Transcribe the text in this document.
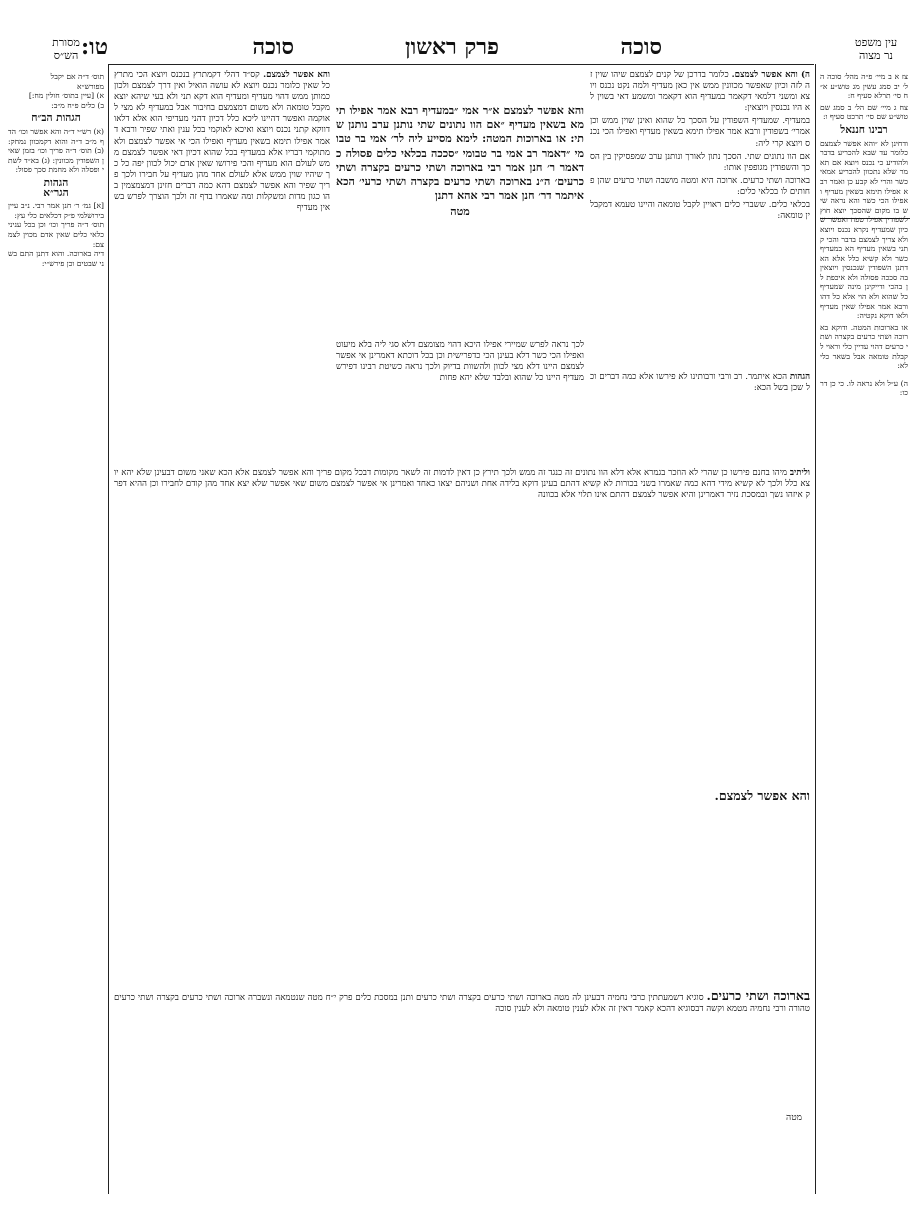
טו:	סוכה	פרק ראשון	סוכה	עין משפט
נר מצוה
מסורת
הש״ס

צז א ב מיי׳ פ״ה מהל׳ סוכה הל׳ יב סמג עשין מג טוש״ע א״ח סי׳ תרלא סעיף ח:

צח ג מיי׳ שם הל׳ ב סמג שם טוש״ע שם סי׳ תרכט סעיף ו:

רבינו חננאל

ודחינן לא ״והא אפשר לצמצם כלומר עד שבא להכריע בדבר ולהודיע כי נכנס ויוצא אם תאמר שלא נתכוון להכריע אמאי כשר והרי לא קבע כן ואמר רבא אפילו תימא בשאין מעדיף ואפילו הכי כשר והא נראה שיש בו מקום שהסכך יוצא חוץ לשפודין אפילו טפח ואפשר שכיון שמעדיף נקרא נכנס ויוצא ולא צריך לצמצם בדבר והכי קתני בשאין מעדיף הא במעדיף כשר ולא קשיא כלל אלא הא דתנן השפודין שנכנסין ויוצאין בה סככה פסולה ולא איכפת לן בהכי ודייקינן מינה שמעדיף כל שהוא ולא הוי אלא כל דהו ורבא אמר אפילו שאין מעדיף ולאו דוקא נקטיה:

או בארוכות המטה. ודוקא בארוכה ושתי כרעים בקצרה ושתי כרעים דהוי עדיין כלי וראוי לקבלת טומאה אבל בשאר כלי לא:

ה) ע״ל ולא נראה לו. כי כן דרכו:

תוס׳ ד״ה אם יקבל
מפורש״א
א) [עיין בתוס׳ חולין מח:]
ב) כלים פ״ח מ״ב:

הגהות הב״ח

(א) רש״י ד״ה והא אפשר וכו׳ הדף מ״ב ד״ה והוא דקמכוון נמחק: (ב) תוס׳ ד״ה פריך וכו׳ בזמן שאין השפודין מכוונין: (ג) בא״ד לשתי ופסלה ולא מחמת סכך פסול:

הגהות
הגר״א

[א] גמ׳ ר׳ חנן אמר רבי. נ״ב עיין בירושלמי פ״ק דכלאים כלי עץ:
תוס׳ ד״ה פריך וכו׳ וכן בכל עניני כלאי כלים שאין אדם מכוין לצמצם:
דיה בארוכה. והוא דתנן התם בשני שבטים וכן פירש״י:

ה) והא אפשר לצמצם. כלומר בדרכן של קנים לצמצם שיהו שוין זה לזה וכיון שאפשר מכוונין ממש אין כאן מעדיף ולמה נקט נכנס ויוצא ומשני דלמאי דקאמר במעדיף הוא דקאמר ומשמע דאי בשוין לא היו נכנסין ויוצאין:

במעדיף. שמעדיף השפודין על הסכך כל שהוא ואינן שוין ממש וכן אמרי׳ בשפודין ורבא אמר אפילו תימא בשאין מעדיף ואפילו הכי נכנס ויוצא קרי ליה:

אם הוו נתונים שתי. הסכך נתון לאורך ונותנן ערב שמפסיקין בין הסכך והשפודין מגופפין אותו:

בארוכה ושתי כרעים. ארוכה היא ומטה מושבה ושתי כרעים שהן פחותים לו בכלאי כלים:

בכלאי כלים. ששברי כלים ראויין לקבל טומאה והיינו טעמא דמקבלין טומאה:

והא אפשר לצמצם. קס״ד דהלי דקמתרץ בנכנס ויוצא הכי מתרץ כל שאין כלומר נכנס ויוצא לא עושה הואיל ואין דרך לצמצם ולכון כמותן ממש דהוי מעדיף ומעדיף הוא דקא תני ולא בעי שיהא יוצא מקבל טומאה ולא משום דמצמצם בחיבור אבל במעדיף לא מצי לאוקמה ואפשר דהיינו ליכא כלל דכיון דהני מעדיפי הוא אלא דלאו דווקא קתני נכנס ויוצא ואיכא לאוקמי בכל ענין ואתי שפיר ורבא דאמר אפילו תימא בשאין מעדיף ואפילו הכי אי אפשר לצמצם ולא מתוקמי דבריו אלא במעדיף בכל שהוא דכיון דאי אפשר לצמצם ממש לעולם הוא מעדיף והכי פירושו שאין אדם יכול לכוון יפה כל כך שיהיו שוין ממש אלא לעולם אחד מהן מעדיף על חבירו ולכך פריך שפיר והא אפשר לצמצם דהא כמה דברים חזינן דמצמצמין בהו כגון מדות ומשקלות ומה שאמרו בדף זה ולכך הוצרך לפרש בשאין מעדיף

והא אפשר לצמצם א״ר אמי ״במעדיף רבא אמר אפילו תימא בשאין מעדיף ״אם הוו נתונים שתי נותנן ערב נותנן שתי: או בארוכות המטה: לימא מסייע ליה לר׳ אמי בר טבומי ״דאמר רב אמי בר טבומי ״סככה בכלאי כלים פסולה כדאמר ר׳ חנן אמר רבי בארוכה ושתי כרעים בקצרה ושתי כרעים׳ ה״נ בארוכה ושתי כרעים בקצרה ושתי כרעי׳ הכא איתמר דר׳ חנן אמר רבי אהא דתנן

מטה

הגהות הכא איתמר. רב ורבי ורבותינו לא פירשו אלא כמה דברים וכל שכן בשל הכא:

לכך נראה לפרש שמיירי אפילו היכא דהוי מצומצם דלא סגי ליה בלא מיעוט ואפילו הכי כשר דלא בעינן הכי כדפרישית וכן בכל דוכתא דאמרינן אי אפשר לצמצם היינו דלא מצי לכוון ולהשוות בדיוק ולכך נראה כשיטת רבינו דפירש מעדיף היינו כל שהוא ובלבד שלא יהא פחות

וליתיב מיהו בחנם פירשו כן שהרי לא הוזכר בגמרא אלא דלא הוו נתונים זה כנגד זה ממש ולכך תירץ כן דאין לדמות זה לשאר מקומות דבכל מקום פריך והא אפשר לצמצם אלא הכא שאני משום דבעינן שלא יהא יוצא כלל ולכך לא קשיא מידי דהא כמה שאמרו בשני בכורות לא קשיא דהתם בעינן דוקא בלידה אחת ושניהם יצאו כאחד ואמרינן אי אפשר לצמצם משום שאי אפשר שלא יצא אחד מהן קודם לחבירו וכן ההיא דפרק איזהו נשך ובמסכת נזיר דאמרינן והיא אפשר לצמצם דהתם אינו תלוי אלא בכוונה

והא אפשר לצמצם.

בארוכה ושתי כרעים. סוגיא דשמעתתין כרבי נחמיה דבעינן לה מטה בארוכה ושתי כרעים בקצרה ושתי כרעים ותנן במסכת כלים פרק י״ח מטה שנטמאה ונשברה ארוכה ושתי כרעים בקצרה ושתי כרעים טהורה ורבי נחמיה מטמא וקשה דבסוגיא דהכא קאמר דאין זה אלא לענין טומאה ולא לענין סוכה

מטה
